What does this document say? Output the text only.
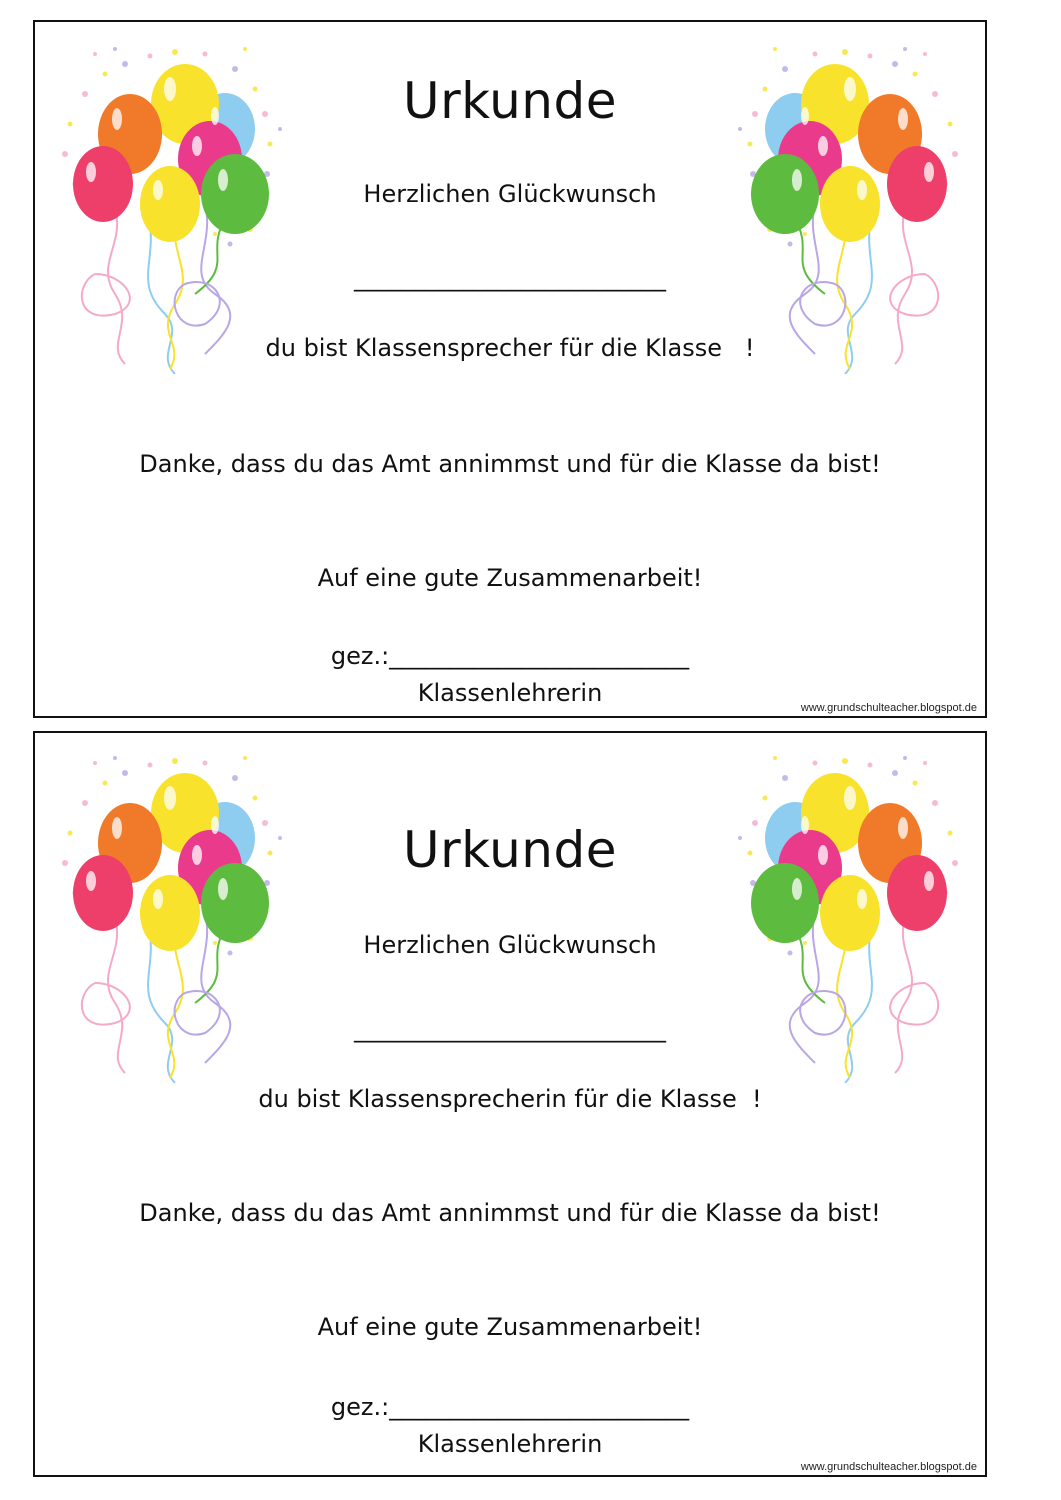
Urkunde
Herzlichen Glückwunsch
__________________________
du bist Klassensprecher für die Klasse   !
Danke, dass du das Amt annimmst und für die Klasse da bist!
Auf eine gute Zusammenarbeit!
gez.:_________________________
Klassenlehrerin
www.grundschulteacher.blogspot.de
Urkunde
Herzlichen Glückwunsch
__________________________
du bist Klassensprecherin für die Klasse  !
Danke, dass du das Amt annimmst und für die Klasse da bist!
Auf eine gute Zusammenarbeit!
gez.:_________________________
Klassenlehrerin
www.grundschulteacher.blogspot.de
